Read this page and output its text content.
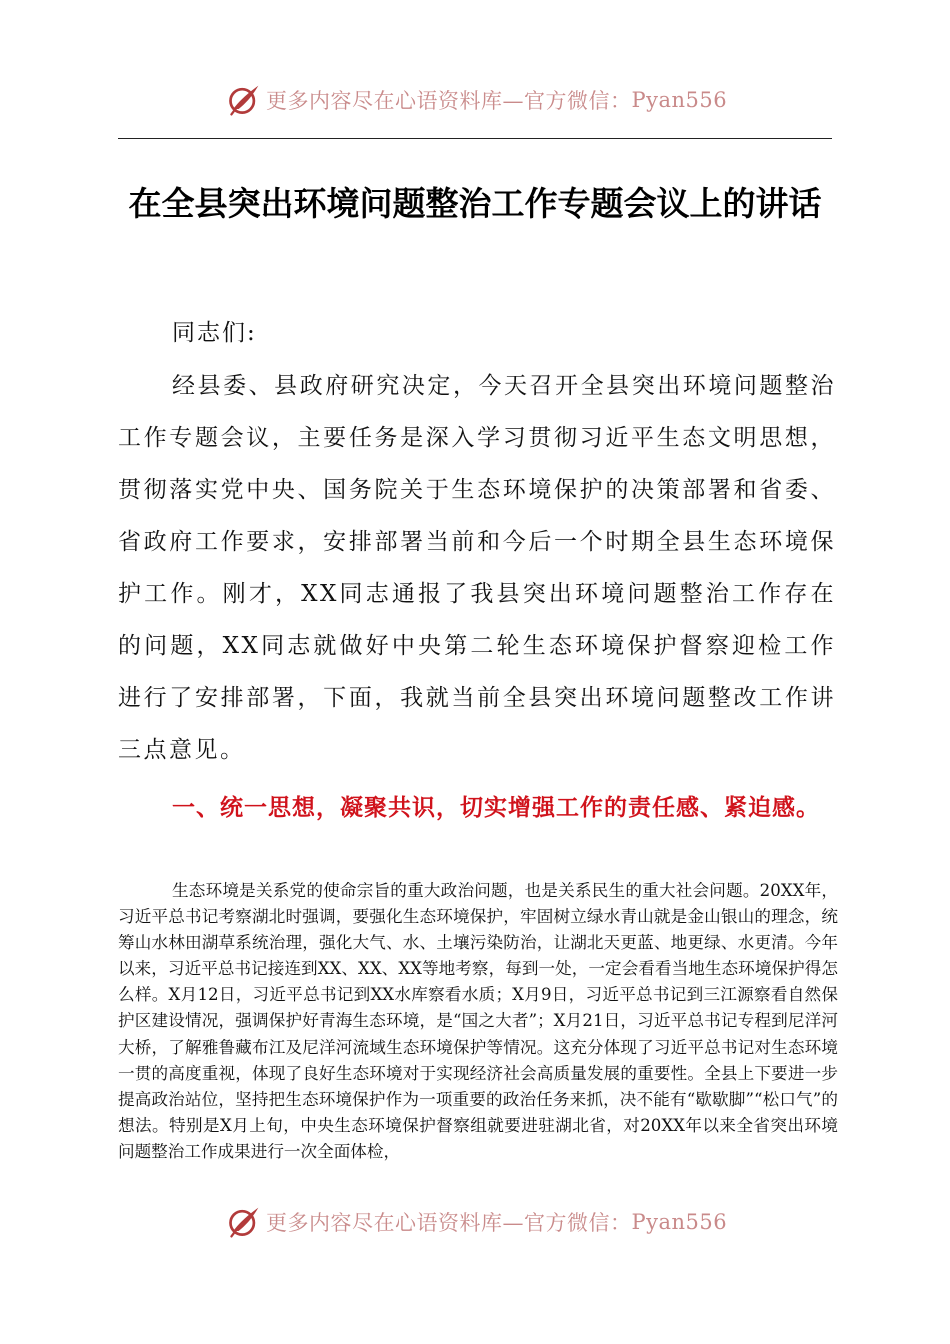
更多内容尽在心语资料库—官方微信： Pyan556
在全县突出环境问题整治工作专题会议上的讲话
同志们:

经县委、县政府研究决定，今天召开全县突出环境问题整治工作专题会议，主要任务是深入学习贯彻习近平生态文明思想，贯彻落实党中央、国务院关于生态环境保护的决策部署和省委、省政府工作要求，安排部署当前和今后一个时期全县生态环境保护工作。刚才，XX同志通报了我县突出环境问题整治工作存在的问题，XX同志就做好中央第二轮生态环境保护督察迎检工作进行了安排部署，下面，我就当前全县突出环境问题整改工作讲三点意见。

一、统一思想，凝聚共识，切实增强工作的责任感、紧迫感。

生态环境是关系党的使命宗旨的重大政治问题，也是关系民生的重大社会问题。20XX年，习近平总书记考察湖北时强调，要强化生态环境保护，牢固树立绿水青山就是金山银山的理念，统筹山水林田湖草系统治理，强化大气、水、土壤污染防治，让湖北天更蓝、地更绿、水更清。今年以来，习近平总书记接连到XX、XX、XX等地考察，每到一处，一定会看看当地生态环境保护得怎么样。X月12日，习近平总书记到XX水库察看水质；X月9日，习近平总书记到三江源察看自然保护区建设情况，强调保护好青海生态环境，是“国之大者”；X月21日，习近平总书记专程到尼洋河大桥，了解雅鲁藏布江及尼洋河流域生态环境保护等情况。这充分体现了习近平总书记对生态环境一贯的高度重视，体现了良好生态环境对于实现经济社会高质量发展的重要性。全县上下要进一步提高政治站位，坚持把生态环境保护作为一项重要的政治任务来抓，决不能有“歇歇脚”“松口气”的想法。特别是X月上旬，中央生态环境保护督察组就要进驻湖北省，对20XX年以来全省突出环境问题整治工作成果进行一次全面体检，

更多内容尽在心语资料库—官方微信： Pyan556
